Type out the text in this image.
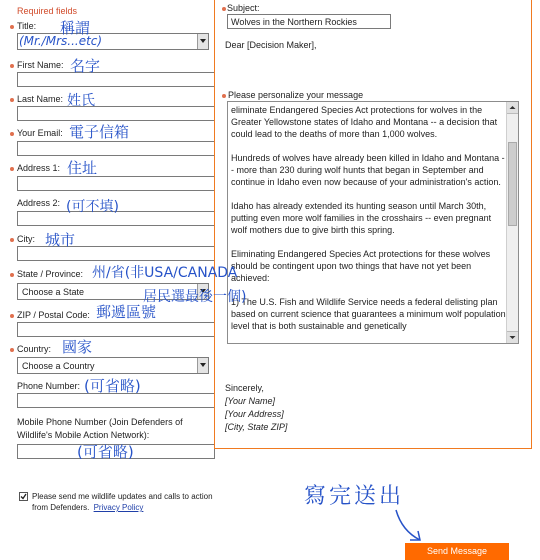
Required fields
Title:
First Name:
Last Name:
Your Email:
Address 1:
Address 2:
City:
State / Province:
Choose a State
ZIP / Postal Code:
Country:
Choose a Country
Phone Number:
Mobile Phone Number (Join Defenders of
Wildlife's Mobile Action Network):
Please send me wildlife updates and calls to action
from Defenders. Privacy Policy
Subject:
Wolves in the Northern Rockies
Dear [Decision Maker],
Please personalize your message

eliminate Endangered Species Act protections for wolves in the Greater Yellowstone states of Idaho and Montana -- a decision that could lead to the deaths of more than 1,000 wolves.

Hundreds of wolves have already been killed in Idaho and Montana -- more than 230 during wolf hunts that began in September and continue in Idaho even now because of your administration's action.

Idaho has already extended its hunting season until March 30th, putting even more wolf families in the crosshairs -- even pregnant wolf mothers due to give birth this spring.

Eliminating Endangered Species Act protections for these wolves should be contingent upon two things that have not yet been achieved:

1) The U.S. Fish and Wildlife Service needs a federal delisting plan based on current science that guarantees a minimum wolf population level that is both sustainable and genetically

Sincerely,
[Your Name]
[Your Address]
[City, State ZIP]
Send Message
稱謂
(Mr./Mrs...etc)
名字
姓氏
電子信箱
住址
(可不填)
城市
州/省(非USA/CANADA
居民選最後一個)
郵遞區號
國家
(可省略)
(可省略)
寫完送出
